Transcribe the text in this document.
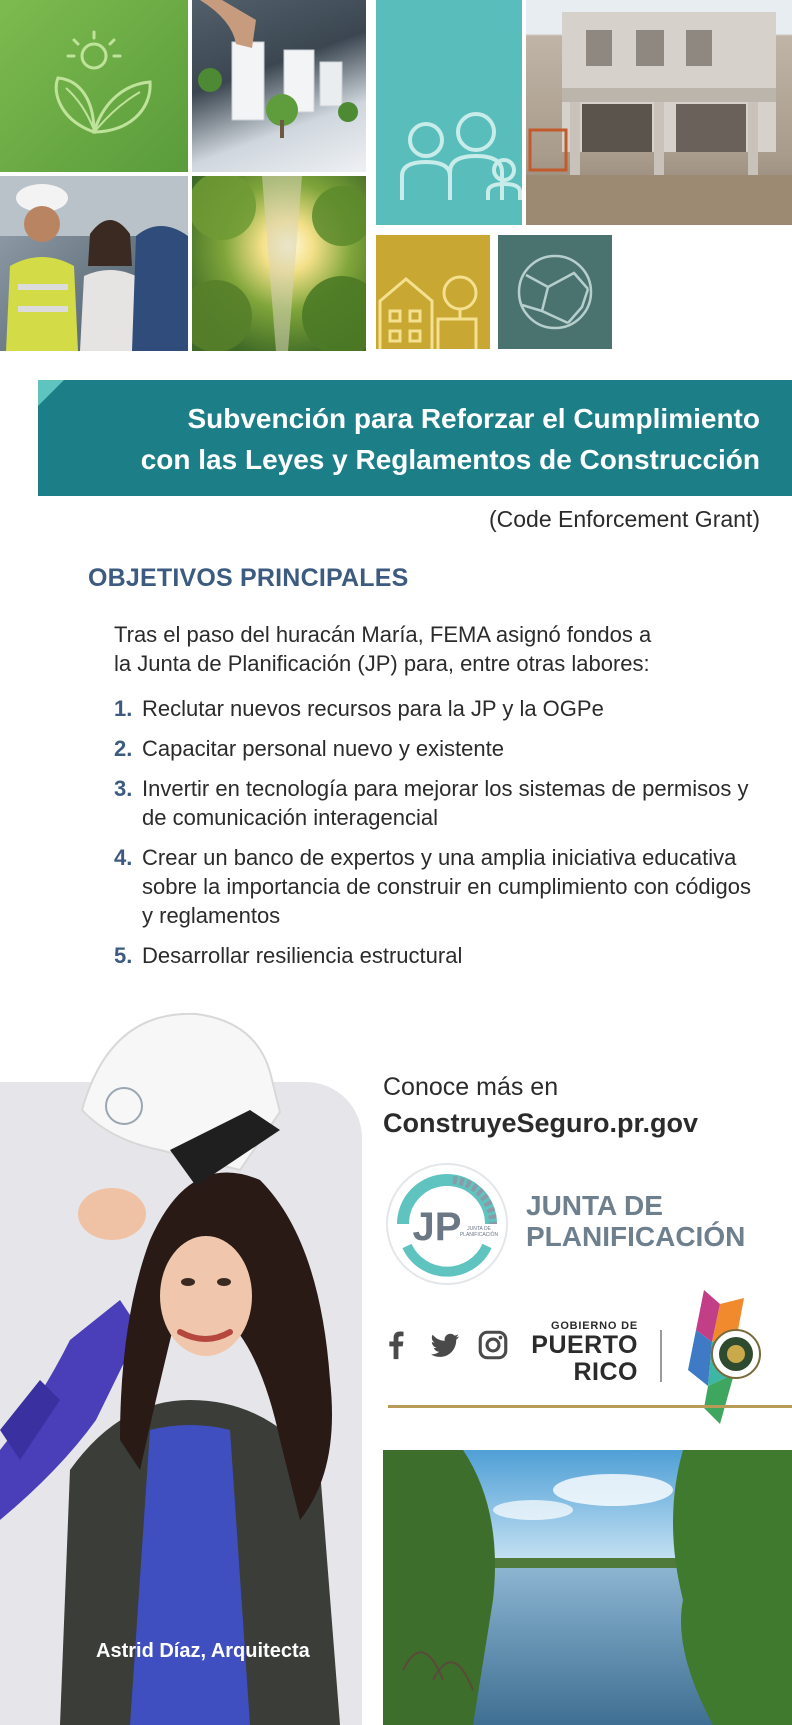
Subvención para Reforzar el Cumplimiento
con las Leyes y Reglamentos de Construcción
(Code Enforcement Grant)
OBJETIVOS PRINCIPALES
Tras el paso del huracán María, FEMA asignó fondos a
la Junta de Planificación (JP) para, entre otras labores:
1. Reclutar nuevos recursos para la JP y la OGPe
2. Capacitar personal nuevo y existente
3. Invertir en tecnología para mejorar los sistemas de permisos y de comunicación interagencial
4. Crear un banco de expertos y una amplia iniciativa educativa sobre la importancia de construir en cumplimiento con códigos y reglamentos
5. Desarrollar resiliencia estructural
Astrid Díaz, Arquitecta
Conoce más en
ConstruyeSeguro.pr.gov
JP JUNTA DE
PLANIFICACIÓN
JUNTA DE
PLANIFICACIÓN
GOBIERNO DE
PUERTO
RICO
